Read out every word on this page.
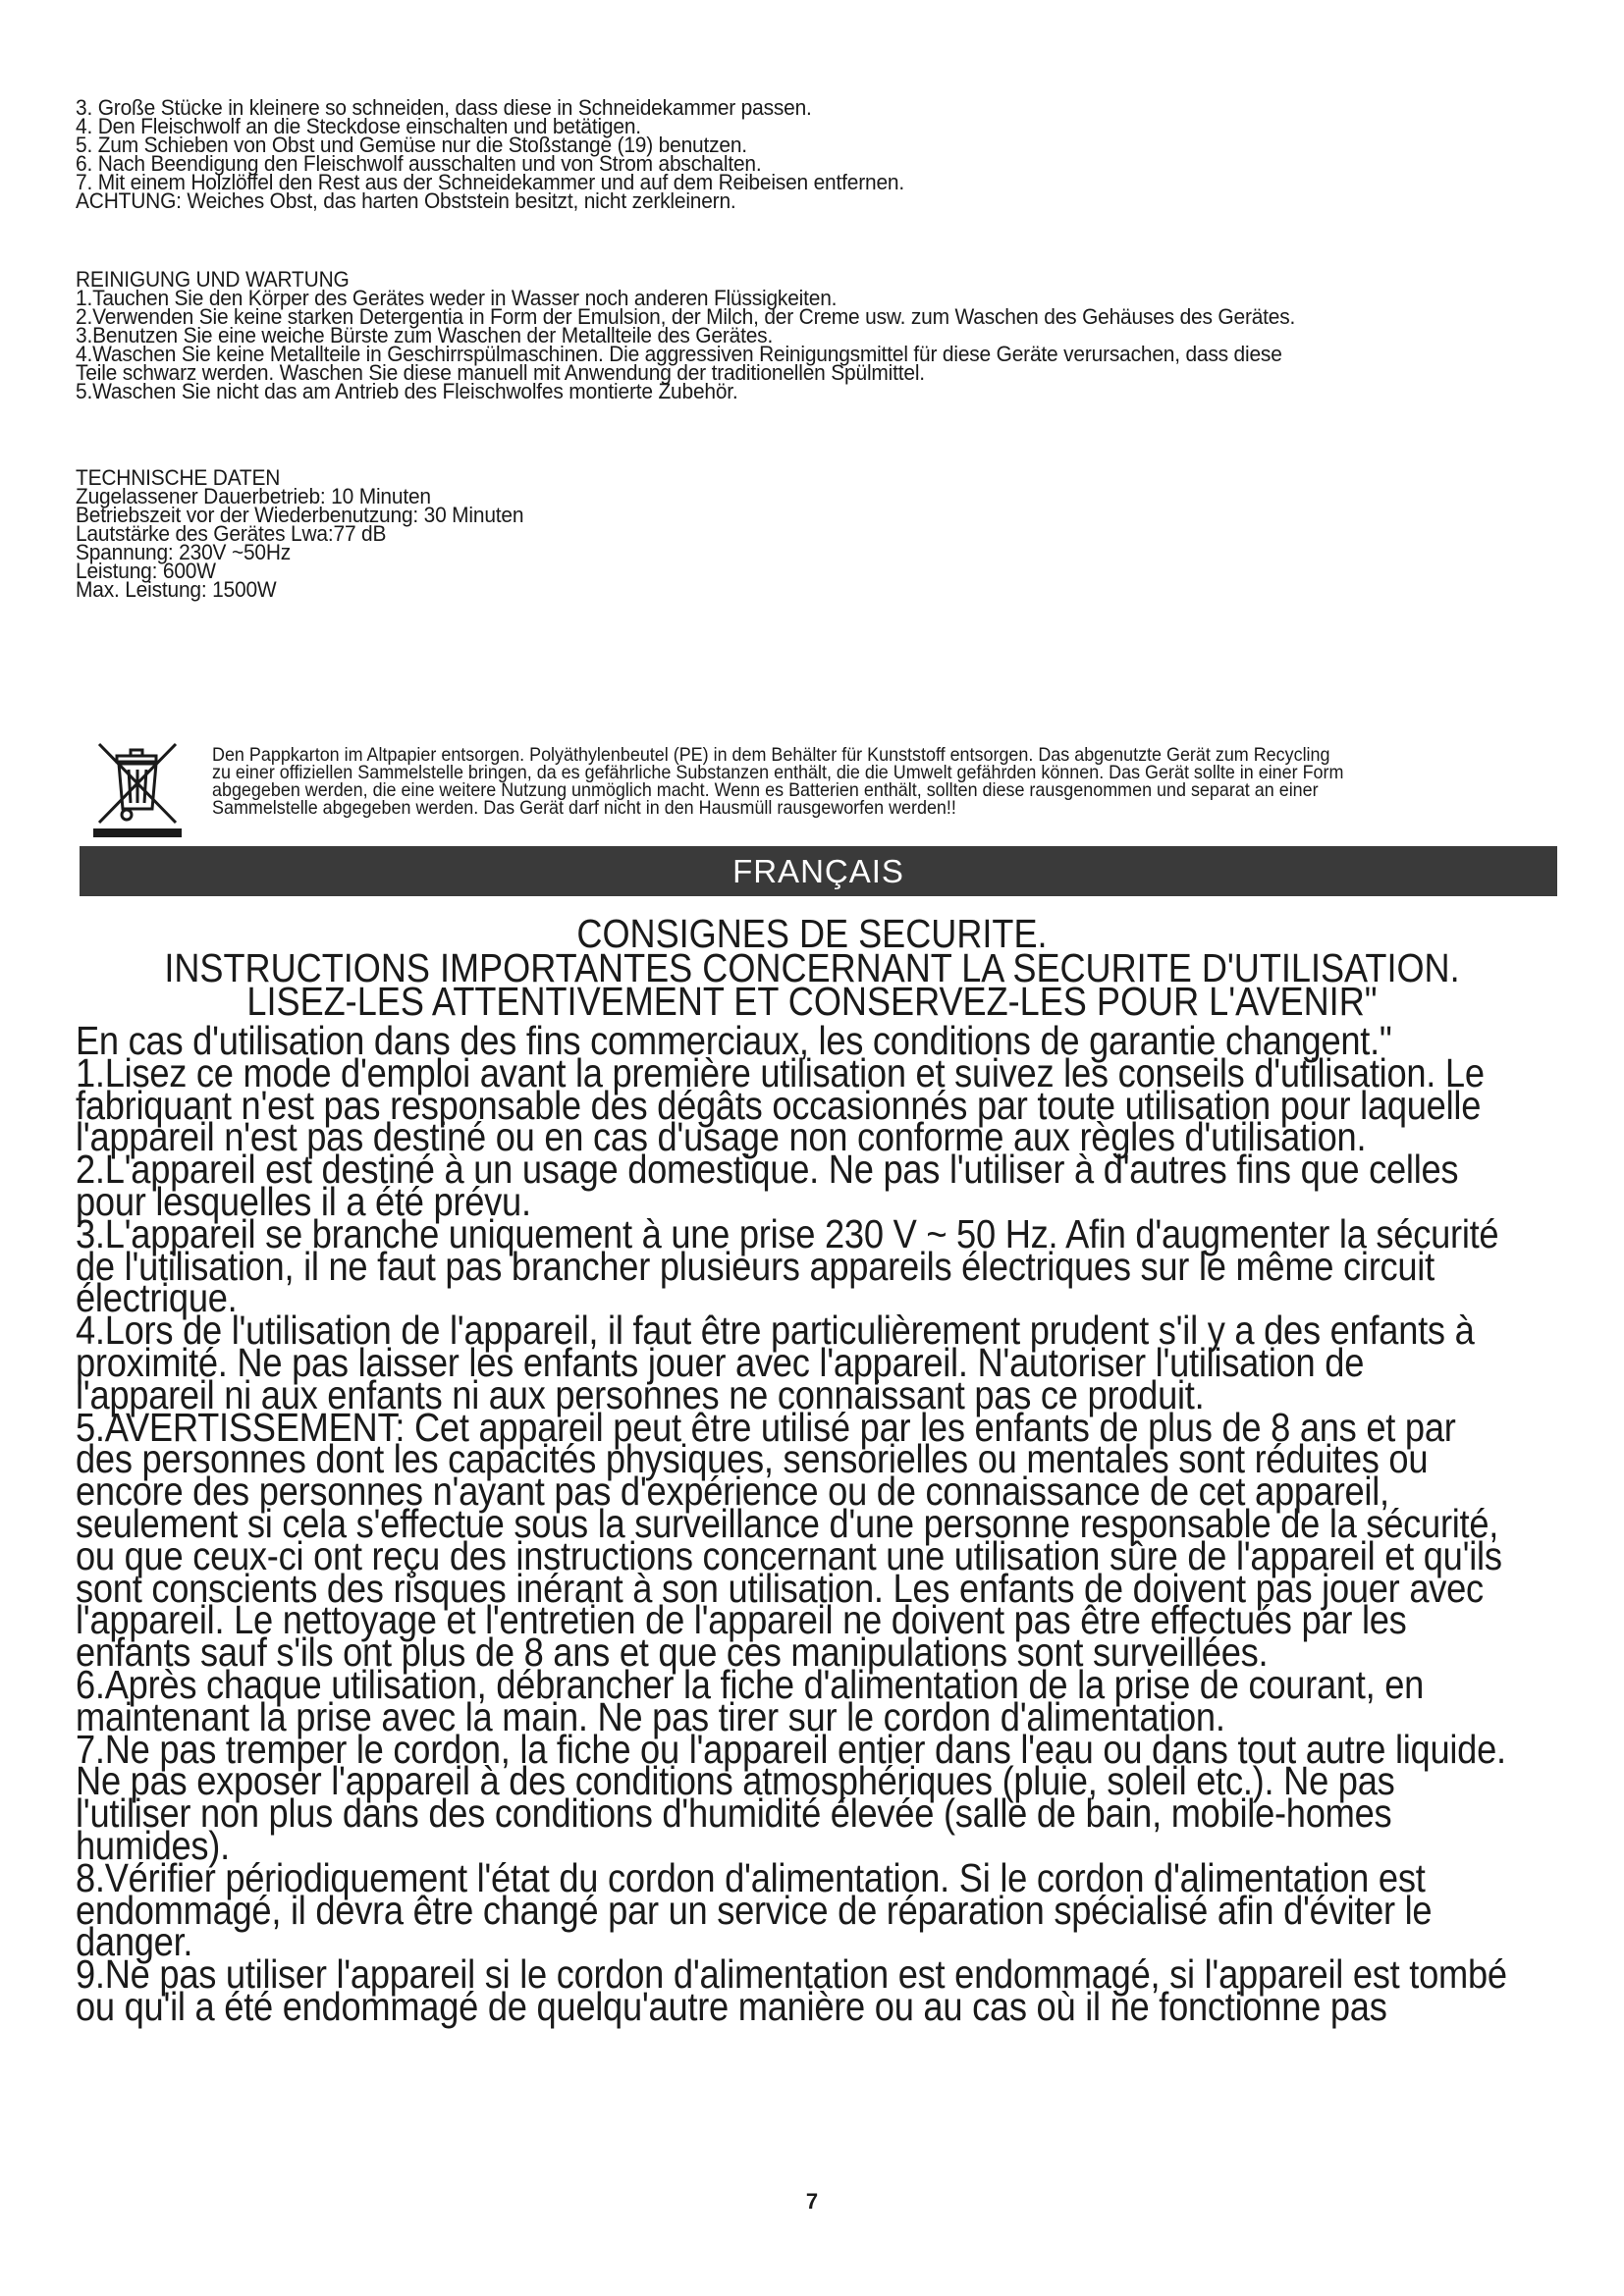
3. Große Stücke in kleinere so schneiden, dass diese in Schneidekammer passen.
4. Den Fleischwolf an die Steckdose einschalten und betätigen.
5. Zum Schieben von Obst und Gemüse nur die Stoßstange (19) benutzen.
6. Nach Beendigung den Fleischwolf ausschalten und von Strom abschalten.
7. Mit einem Holzlöffel den Rest aus der Schneidekammer und auf dem Reibeisen entfernen.
ACHTUNG: Weiches Obst, das harten Obststein besitzt, nicht zerkleinern.
REINIGUNG UND WARTUNG
1.Tauchen Sie den Körper des Gerätes weder in Wasser noch anderen Flüssigkeiten.
2.Verwenden Sie keine starken Detergentia in Form der Emulsion, der Milch, der Creme usw. zum Waschen des Gehäuses des Gerätes.
3.Benutzen Sie eine weiche Bürste zum Waschen der Metallteile des Gerätes.
4.Waschen Sie keine Metallteile in Geschirrspülmaschinen. Die aggressiven Reinigungsmittel für diese Geräte verursachen, dass diese
Teile schwarz werden. Waschen Sie diese manuell mit Anwendung der traditionellen Spülmittel.
5.Waschen Sie nicht das am Antrieb des Fleischwolfes montierte Zubehör.
TECHNISCHE DATEN
Zugelassener Dauerbetrieb: 10 Minuten
Betriebszeit vor der Wiederbenutzung: 30 Minuten
Lautstärke des Gerätes Lwa:77 dB
Spannung: 230V ~50Hz
Leistung: 600W
Max. Leistung: 1500W
Den Pappkarton im Altpapier entsorgen. Polyäthylenbeutel (PE) in dem Behälter für Kunststoff entsorgen. Das abgenutzte Gerät zum Recycling
zu einer offiziellen Sammelstelle bringen, da es gefährliche Substanzen enthält, die die Umwelt gefährden können. Das Gerät sollte in einer Form
abgegeben werden, die eine weitere Nutzung unmöglich macht. Wenn es Batterien enthält, sollten diese rausgenommen und separat an einer
Sammelstelle abgegeben werden. Das Gerät darf nicht in den Hausmüll rausgeworfen werden!!
FRANÇAIS
CONSIGNES DE SECURITE.
INSTRUCTIONS IMPORTANTES CONCERNANT LA SECURITE D'UTILISATION.
LISEZ-LES ATTENTIVEMENT ET CONSERVEZ-LES POUR L'AVENIR"
En cas d'utilisation dans des fins commerciaux, les conditions de garantie changent."
1.Lisez ce mode d'emploi avant la première utilisation et suivez les conseils d'utilisation. Le
fabriquant n'est pas responsable des dégâts occasionnés par toute utilisation pour laquelle
l'appareil n'est pas destiné ou en cas d'usage non conforme aux règles d'utilisation.
2.L'appareil est destiné à un usage domestique. Ne pas l'utiliser à d'autres fins que celles
pour lesquelles il a été prévu.
3.L'appareil se branche uniquement à une prise 230 V ~ 50 Hz. Afin d'augmenter la sécurité
de l'utilisation, il ne faut pas brancher plusieurs appareils électriques sur le même circuit
électrique.
4.Lors de l'utilisation de l'appareil, il faut être particulièrement prudent s'il y a des enfants à
proximité. Ne pas laisser les enfants jouer avec l'appareil. N'autoriser l'utilisation de
l'appareil ni aux enfants ni aux personnes ne connaissant pas ce produit.
5.AVERTISSEMENT: Cet appareil peut être utilisé par les enfants de plus de 8 ans et par
des personnes dont les capacités physiques, sensorielles ou mentales sont réduites ou
encore des personnes n'ayant pas d'expérience ou de connaissance de cet appareil,
seulement si cela s'effectue sous la surveillance d'une personne responsable de la sécurité,
ou que ceux-ci ont reçu des instructions concernant une utilisation sûre de l'appareil et qu'ils
sont conscients des risques inérant à son utilisation. Les enfants de doivent pas jouer avec
l'appareil. Le nettoyage et l'entretien de l'appareil ne doivent pas être effectués par les
enfants sauf s'ils ont plus de 8 ans et que ces manipulations sont surveillées.
6.Après chaque utilisation, débrancher la fiche d'alimentation de la prise de courant, en
maintenant la prise avec la main. Ne pas tirer sur le cordon d'alimentation.
7.Ne pas tremper le cordon, la fiche ou l'appareil entier dans l'eau ou dans tout autre liquide.
Ne pas exposer l'appareil à des conditions atmosphériques (pluie, soleil etc.). Ne pas
l'utiliser non plus dans des conditions d'humidité élevée (salle de bain, mobile-homes
humides).
8.Vérifier périodiquement l'état du cordon d'alimentation. Si le cordon d'alimentation est
endommagé, il devra être changé par un service de réparation spécialisé afin d'éviter le
danger.
9.Ne pas utiliser l'appareil si le cordon d'alimentation est endommagé, si l'appareil est tombé
ou qu'il a été endommagé de quelqu'autre manière ou au cas où il ne fonctionne pas
7
